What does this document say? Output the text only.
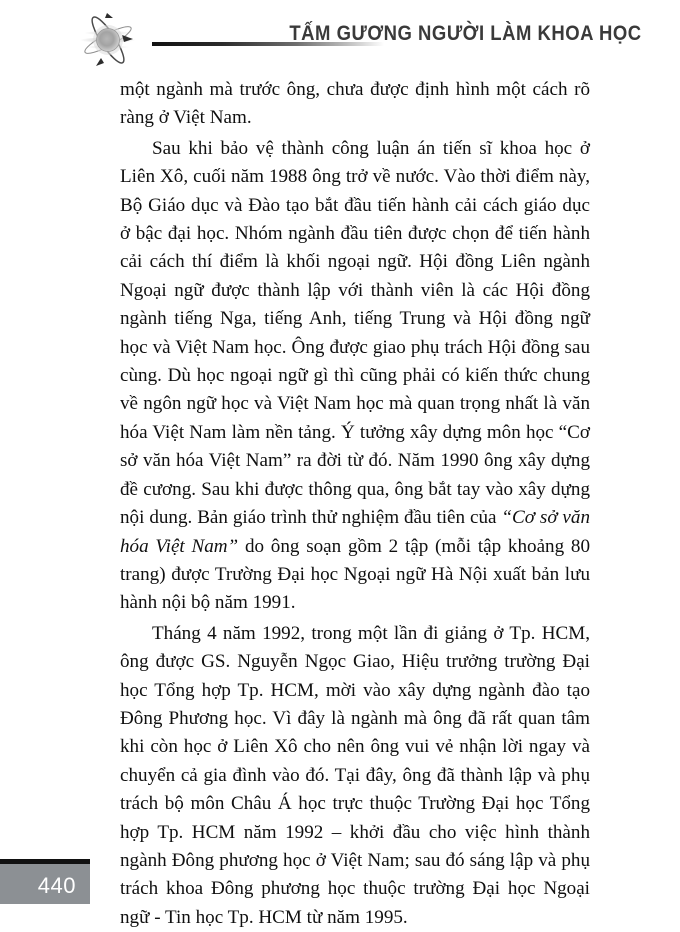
TẤM GƯƠNG NGƯỜI LÀM KHOA HỌC

một ngành mà trước ông, chưa được định hình một cách rõ ràng ở Việt Nam.

Sau khi bảo vệ thành công luận án tiến sĩ khoa học ở Liên Xô, cuối năm 1988 ông trở về nước. Vào thời điểm này, Bộ Giáo dục và Đào tạo bắt đầu tiến hành cải cách giáo dục ở bậc đại học. Nhóm ngành đầu tiên được chọn để tiến hành cải cách thí điểm là khối ngoại ngữ. Hội đồng Liên ngành Ngoại ngữ được thành lập với thành viên là các Hội đồng ngành tiếng Nga, tiếng Anh, tiếng Trung và Hội đồng ngữ học và Việt Nam học. Ông được giao phụ trách Hội đồng sau cùng. Dù học ngoại ngữ gì thì cũng phải có kiến thức chung về ngôn ngữ học và Việt Nam học mà quan trọng nhất là văn hóa Việt Nam làm nền tảng. Ý tưởng xây dựng môn học “Cơ sở văn hóa Việt Nam” ra đời từ đó. Năm 1990 ông xây dựng đề cương. Sau khi được thông qua, ông bắt tay vào xây dựng nội dung. Bản giáo trình thử nghiệm đầu tiên của “Cơ sở văn hóa Việt Nam” do ông soạn gồm 2 tập (mỗi tập khoảng 80 trang) được Trường Đại học Ngoại ngữ Hà Nội xuất bản lưu hành nội bộ năm 1991.

Tháng 4 năm 1992, trong một lần đi giảng ở Tp. HCM, ông được GS. Nguyễn Ngọc Giao, Hiệu trưởng trường Đại học Tổng hợp Tp. HCM, mời vào xây dựng ngành đào tạo Đông Phương học. Vì đây là ngành mà ông đã rất quan tâm khi còn học ở Liên Xô cho nên ông vui vẻ nhận lời ngay và chuyển cả gia đình vào đó. Tại đây, ông đã thành lập và phụ trách bộ môn Châu Á học trực thuộc Trường Đại học Tổng hợp Tp. HCM năm 1992 – khởi đầu cho việc hình thành ngành Đông phương học ở Việt Nam; sau đó sáng lập và phụ trách khoa Đông phương học thuộc trường Đại học Ngoại ngữ - Tin học Tp. HCM từ năm 1995.

440
